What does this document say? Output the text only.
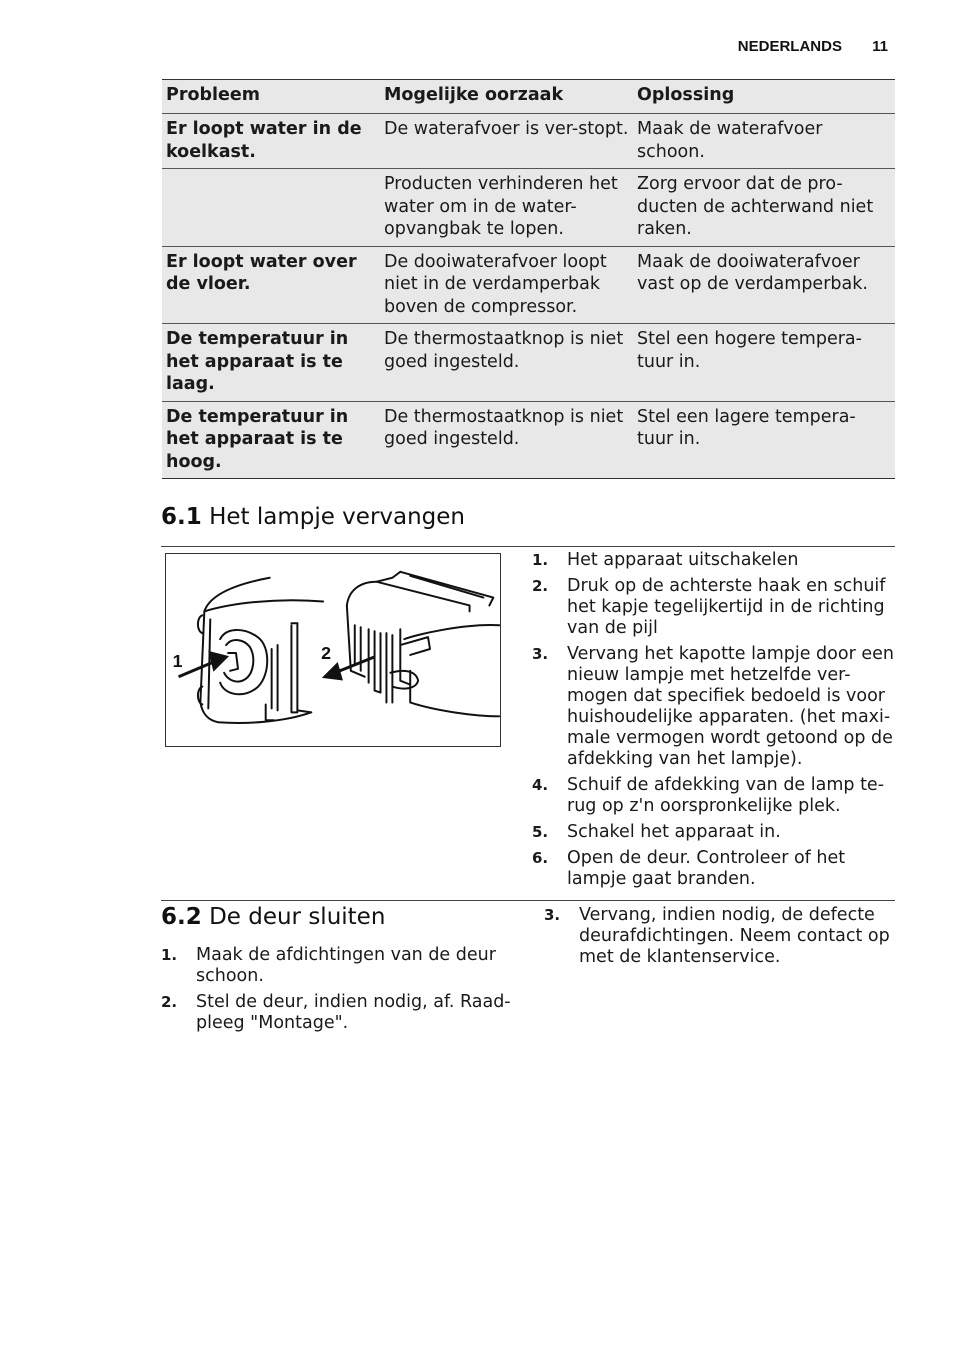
NEDERLANDS 11
Probleem	Mogelijke oorzaak	Oplossing
Er loopt water in de koelkast.	De waterafvoer is ver-stopt.	Maak de waterafvoer schoon.
	Producten verhinderen het water om in de water-opvangbak te lopen.	Zorg ervoor dat de pro-ducten de achterwand niet raken.
Er loopt water over de vloer.	De dooiwaterafvoer loopt niet in de verdamperbak boven de compressor.	Maak de dooiwaterafvoer vast op de verdamperbak.
De temperatuur in het apparaat is te laag.	De thermostaatknop is niet goed ingesteld.	Stel een hogere tempera-tuur in.
De temperatuur in het apparaat is te hoog.	De thermostaatknop is niet goed ingesteld.	Stel een lagere tempera-tuur in.
6.1 Het lampje vervangen
1	2
1. Het apparaat uitschakelen
2. Druk op de achterste haak en schuif het kapje tegelijkertijd in de richting van de pijl
3. Vervang het kapotte lampje door een nieuw lampje met hetzelfde ver-mogen dat specifiek bedoeld is voor huishoudelijke apparaten. (het maxi-male vermogen wordt getoond op de afdekking van het lampje).
4. Schuif de afdekking van de lamp te-rug op z'n oorspronkelijke plek.
5. Schakel het apparaat in.
6. Open de deur. Controleer of het lampje gaat branden.
6.2 De deur sluiten
1. Maak de afdichtingen van de deur schoon.
2. Stel de deur, indien nodig, af. Raad-pleeg "Montage".
3. Vervang, indien nodig, de defecte deurafdichtingen. Neem contact op met de klantenservice.
